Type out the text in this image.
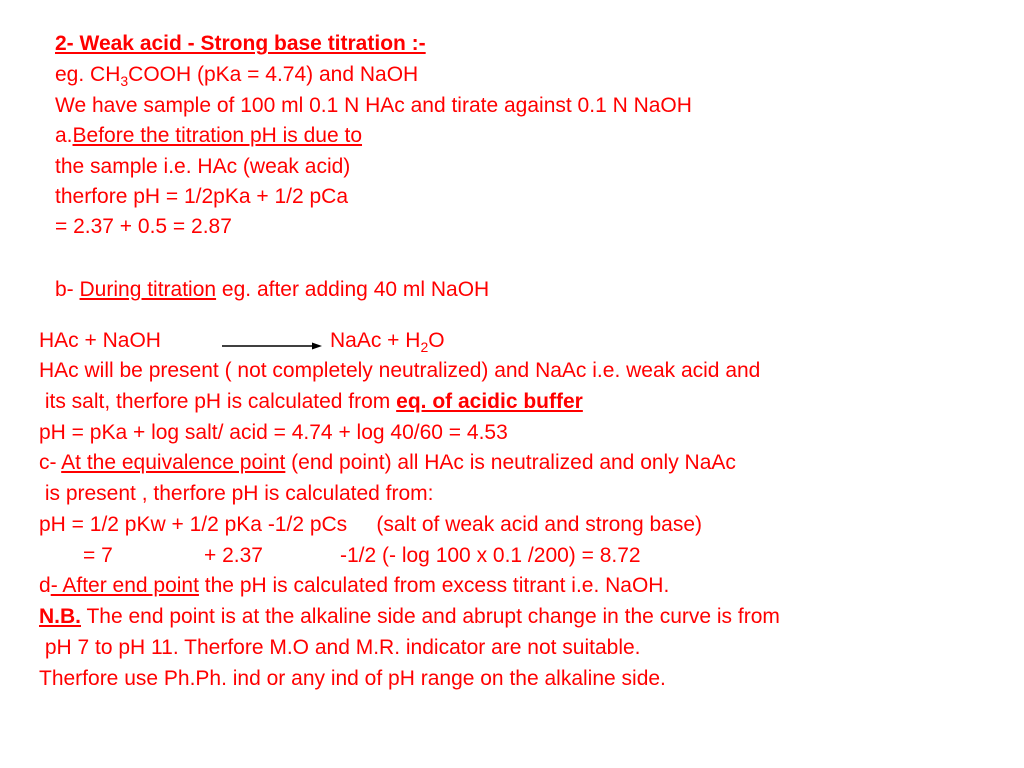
2- Weak acid - Strong base titration :-
eg. $CH_3COOH$ (pKa = 4.74) and NaOH
We have sample of 100 ml 0.1 N HAc and tirate against 0.1 N NaOH
a.Before the titration pH is due to
the sample i.e. HAc (weak acid)
therfore pH = 1/2pKa + 1/2 pCa
= 2.37 + 0.5 = 2.87
b- During titration eg. after adding 40 ml NaOH
HAc + NaOH	NaAc + $H_2O$
HAc will be present ( not completely neutralized) and NaAc i.e. weak acid and
its salt, therfore pH is calculated from eq. of acidic buffer
pH = pKa + log salt/ acid = 4.74 + log 40/60 = 4.53
c- At the equivalence point (end point) all HAc is neutralized and only NaAc
is present , therfore pH is calculated from:
pH = 1/2 pKw + 1/2 pKa -1/2 pCs     (salt of weak acid and strong base)
= 7	+ 2.37	-1/2 (- log 100 x 0.1 /200) = 8.72
d- After end point the pH is calculated from excess titrant i.e. NaOH.
N.B. The end point is at the alkaline side and abrupt change in the curve is from
pH 7 to pH 11. Therfore M.O and M.R. indicator are not suitable.
Therfore use Ph.Ph. ind or any ind of pH range on the alkaline side.
